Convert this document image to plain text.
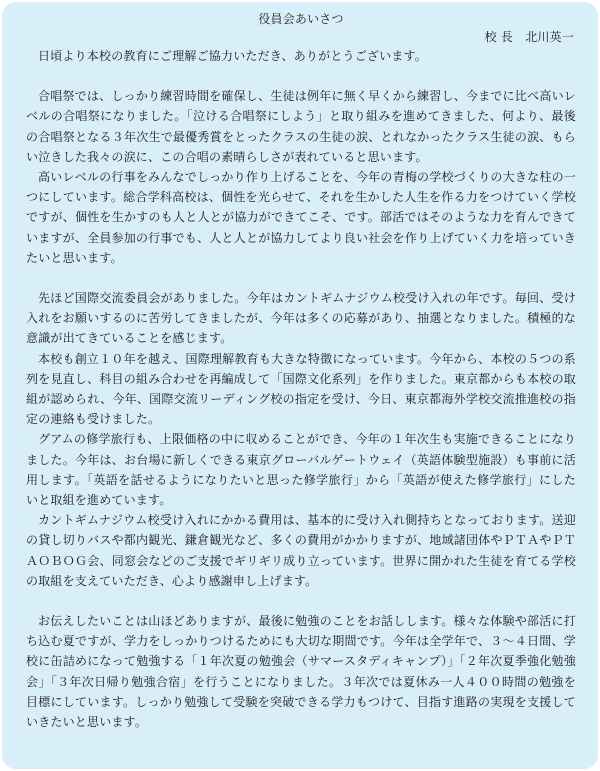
役員会あいさつ

校 長　北川英一

日頃より本校の教育にご理解ご協力いただき、ありがとうございます。

合唱祭では、しっかり練習時間を確保し、生徒は例年に無く早くから練習し、今までに比べ高いレベルの合唱祭になりました。「泣ける合唱祭にしよう」と取り組みを進めてきました、何より、最後の合唱祭となる３年次生で最優秀賞をとったクラスの生徒の涙、とれなかったクラス生徒の涙、もらい泣きした我々の涙に、この合唱の素晴らしさが表れていると思います。

高いレベルの行事をみんなでしっかり作り上げることを、今年の青梅の学校づくりの大きな柱の一つにしています。総合学科高校は、個性を光らせて、それを生かした人生を作る力をつけていく学校ですが、個性を生かすのも人と人とが協力ができてこそ、です。部活ではそのような力を育んできていますが、全員参加の行事でも、人と人とが協力してより良い社会を作り上げていく力を培っていきたいと思います。

先ほど国際交流委員会がありました。今年はカントギムナジウム校受け入れの年です。毎回、受け入れをお願いするのに苦労してきましたが、今年は多くの応募があり、抽選となりました。積極的な意識が出てきていることを感じます。

本校も創立１０年を越え、国際理解教育も大きな特徴になっています。今年から、本校の５つの系列を見直し、科目の組み合わせを再編成して「国際文化系列」を作りました。東京都からも本校の取組が認められ、今年、国際交流リーディング校の指定を受け、今日、東京都海外学校交流推進校の指定の連絡も受けました。

グアムの修学旅行も、上限価格の中に収めることができ、今年の１年次生も実施できることになりました。今年は、お台場に新しくできる東京グローバルゲートウェイ（英語体験型施設）も事前に活用します。「英語を話せるようになりたいと思った修学旅行」から「英語が使えた修学旅行」にしたいと取組を進めています。

カントギムナジウム校受け入れにかかる費用は、基本的に受け入れ側持ちとなっております。送迎の貸し切りバスや都内観光、鎌倉観光など、多くの費用がかかりますが、地域諸団体やＰＴＡやＰＴＡＯＢＯＧ会、同窓会などのご支援でギリギリ成り立っています。世界に開かれた生徒を育てる学校の取組を支えていただき、心より感謝申し上げます。

お伝えしたいことは山ほどありますが、最後に勉強のことをお話しします。様々な体験や部活に打ち込む夏ですが、学力をしっかりつけるためにも大切な期間です。今年は全学年で、３～４日間、学校に缶詰めになって勉強する「１年次夏の勉強会（サマースタディキャンプ）」「２年次夏季強化勉強会」「３年次日帰り勉強合宿」を行うことになりました。３年次では夏休み一人４００時間の勉強を目標にしています。しっかり勉強して受験を突破できる学力もつけて、目指す進路の実現を支援していきたいと思います。
